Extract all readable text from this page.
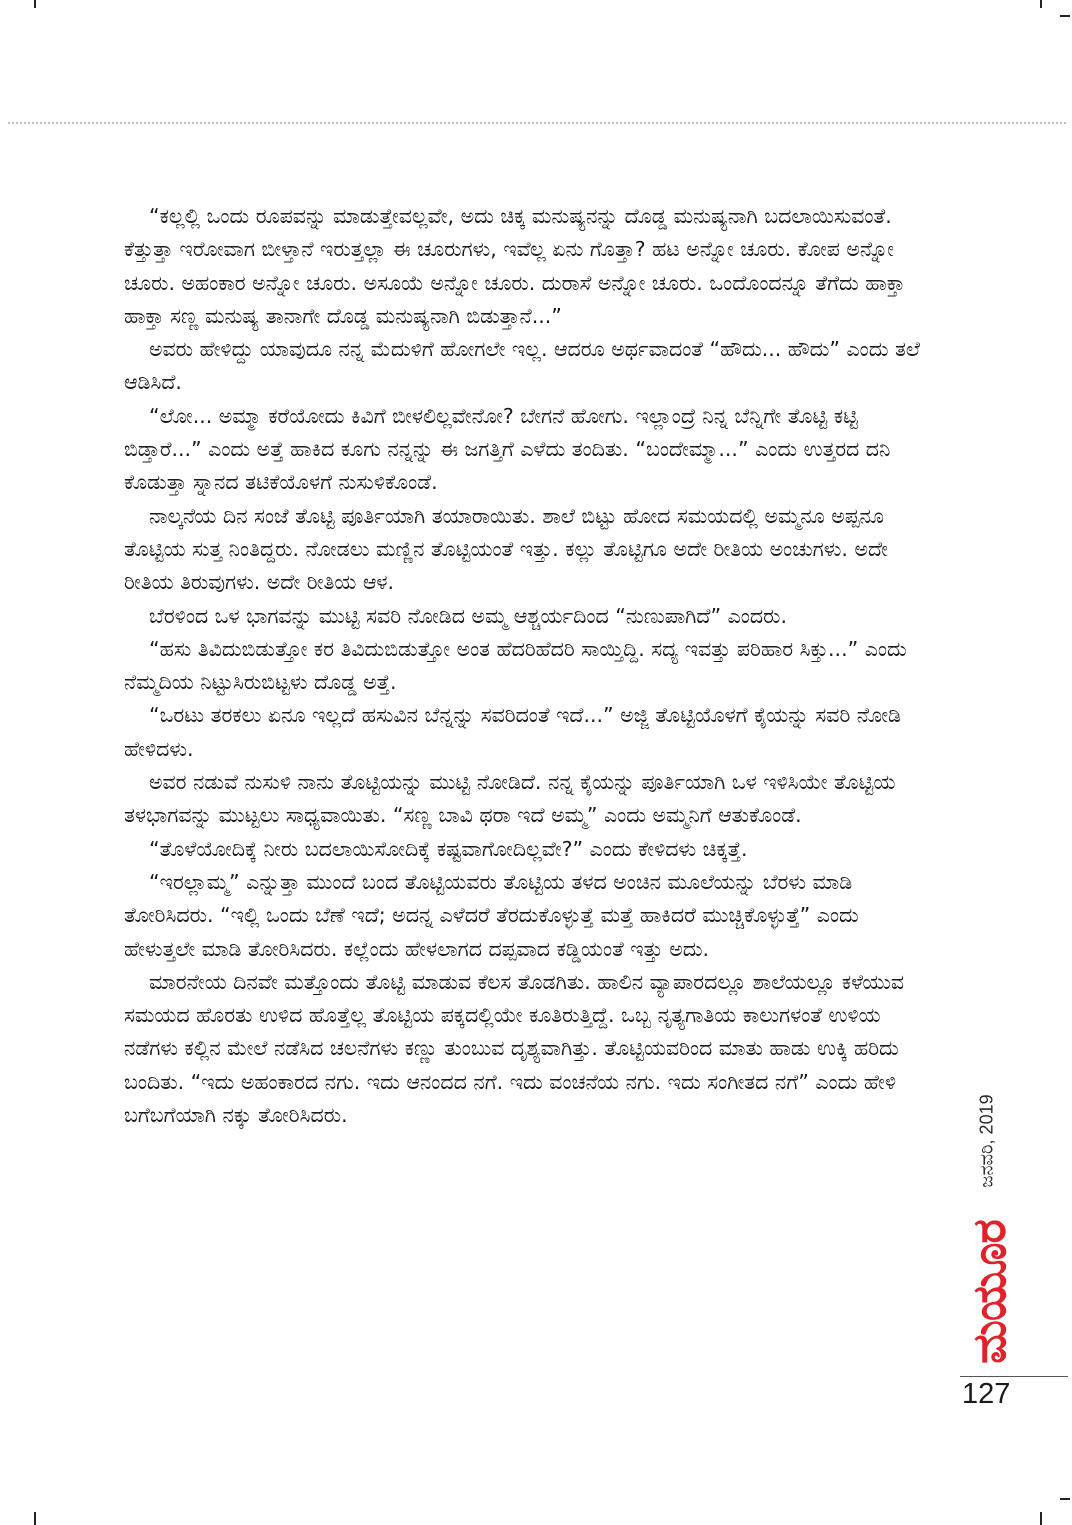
“ಕಲ್ಲಲ್ಲಿ ಒಂದು ರೂಪವನ್ನು ಮಾಡುತ್ತೇವಲ್ಲವೇ, ಅದು ಚಿಕ್ಕ ಮನುಷ್ಯನನ್ನು ದೊಡ್ಡ ಮನುಷ್ಯನಾಗಿ ಬದಲಾಯಿಸುವಂತೆ. ಕೆತ್ತುತ್ತಾ ಇರೋವಾಗ ಬೀಳ್ತಾನೆ ಇರುತ್ತಲ್ಲಾ ಈ ಚೂರುಗಳು, ಇವೆಲ್ಲ ಏನು ಗೊತ್ತಾ? ಹಟ ಅನ್ನೋ ಚೂರು. ಕೋಪ ಅನ್ನೋ ಚೂರು. ಅಹಂಕಾರ ಅನ್ನೋ ಚೂರು. ಅಸೂಯೆ ಅನ್ನೋ ಚೂರು. ದುರಾಸೆ ಅನ್ನೋ ಚೂರು. ಒಂದೊಂದನ್ನೂ ತೆಗೆದು ಹಾಕ್ತಾ ಹಾಕ್ತಾ ಸಣ್ಣ ಮನುಷ್ಯ ತಾನಾಗೇ ದೊಡ್ಡ ಮನುಷ್ಯನಾಗಿ ಬಿಡುತ್ತಾನೆ...”

ಅವರು ಹೇಳಿದ್ದು ಯಾವುದೂ ನನ್ನ ಮೆದುಳಿಗೆ ಹೋಗಲೇ ಇಲ್ಲ. ಆದರೂ ಅರ್ಥವಾದಂತೆ “ಹೌದು... ಹೌದು” ಎಂದು ತಲೆ ಆಡಿಸಿದೆ.

“ಲೋ... ಅಮ್ಮಾ ಕರೆಯೋದು ಕಿವಿಗೆ ಬೀಳಲಿಲ್ಲವೇನೋ? ಬೇಗನೆ ಹೋಗು. ಇಲ್ಲಾಂದ್ರೆ ನಿನ್ನ ಬೆನ್ನಿಗೇ ತೊಟ್ಟಿ ಕಟ್ಟಿ ಬಿಡ್ತಾರೆ...” ಎಂದು ಅತ್ತೆ ಹಾಕಿದ ಕೂಗು ನನ್ನನ್ನು ಈ ಜಗತ್ತಿಗೆ ಎಳೆದು ತಂದಿತು. “ಬಂದೇಮ್ಮಾ...” ಎಂದು ಉತ್ತರದ ದನಿ ಕೊಡುತ್ತಾ ಸ್ನಾನದ ತಟಿಕೆಯೊಳಗೆ ನುಸುಳಿಕೊಂಡೆ.

ನಾಲ್ಕನೆಯ ದಿನ ಸಂಜೆ ತೊಟ್ಟಿ ಪೂರ್ತಿಯಾಗಿ ತಯಾರಾಯಿತು. ಶಾಲೆ ಬಿಟ್ಟು ಹೋದ ಸಮಯದಲ್ಲಿ ಅಮ್ಮನೂ ಅಪ್ಪನೂ ತೊಟ್ಟಿಯ ಸುತ್ತ ನಿಂತಿದ್ದರು. ನೋಡಲು ಮಣ್ಣಿನ ತೊಟ್ಟಿಯಂತೆ ಇತ್ತು. ಕಲ್ಲು ತೊಟ್ಟಿಗೂ ಅದೇ ರೀತಿಯ ಅಂಚುಗಳು. ಅದೇ ರೀತಿಯ ತಿರುವುಗಳು. ಅದೇ ರೀತಿಯ ಆಳ.

ಬೆರಳಿಂದ ಒಳ ಭಾಗವನ್ನು ಮುಟ್ಟಿ ಸವರಿ ನೋಡಿದ ಅಮ್ಮ ಆಶ್ಚರ್ಯದಿಂದ “ನುಣುಪಾಗಿದೆ” ಎಂದರು.

“ಹಸು ತಿವಿದುಬಿಡುತ್ತೋ ಕರ ತಿವಿದುಬಿಡುತ್ತೋ ಅಂತ ಹೆದರಿಹೆದರಿ ಸಾಯ್ತಿದ್ದಿ. ಸದ್ಯ ಇವತ್ತು ಪರಿಹಾರ ಸಿಕ್ತು...” ಎಂದು ನೆಮ್ಮದಿಯ ನಿಟ್ಟುಸಿರುಬಿಟ್ಟಳು ದೊಡ್ಡ ಅತ್ತೆ.

“ಒರಟು ತರಕಲು ಏನೂ ಇಲ್ಲದೆ ಹಸುವಿನ ಬೆನ್ನನ್ನು ಸವರಿದಂತೆ ಇದೆ...” ಅಜ್ಜಿ ತೊಟ್ಟಿಯೊಳಗೆ ಕೈಯನ್ನು ಸವರಿ ನೋಡಿ ಹೇಳಿದಳು.

ಅವರ ನಡುವೆ ನುಸುಳಿ ನಾನು ತೊಟ್ಟಿಯನ್ನು ಮುಟ್ಟಿ ನೋಡಿದೆ. ನನ್ನ ಕೈಯನ್ನು ಪೂರ್ತಿಯಾಗಿ ಒಳ ಇಳಿಸಿಯೇ ತೊಟ್ಟಿಯ ತಳಭಾಗವನ್ನು ಮುಟ್ಟಲು ಸಾಧ್ಯವಾಯಿತು. “ಸಣ್ಣ ಬಾವಿ ಥರಾ ಇದೆ ಅಮ್ಮ” ಎಂದು ಅಮ್ಮನಿಗೆ ಆತುಕೊಂಡೆ.

“ತೊಳೆಯೋದಿಕ್ಕೆ ನೀರು ಬದಲಾಯಿಸೋದಿಕ್ಕೆ ಕಷ್ಟವಾಗೋದಿಲ್ಲವೇ?” ಎಂದು ಕೇಳಿದಳು ಚಿಕ್ಕತ್ತೆ.

“ಇರಲ್ಲಾಮ್ಮ” ಎನ್ನುತ್ತಾ ಮುಂದೆ ಬಂದ ತೊಟ್ಟಿಯವರು ತೊಟ್ಟಿಯ ತಳದ ಅಂಚಿನ ಮೂಲೆಯನ್ನು ಬೆರಳು ಮಾಡಿ ತೋರಿಸಿದರು. “ಇಲ್ಲಿ ಒಂದು ಬೆಣೆ ಇದೆ; ಅದನ್ನ ಎಳೆದರೆ ತೆರದುಕೊಳ್ಳುತ್ತೆ ಮತ್ತೆ ಹಾಕಿದರೆ ಮುಚ್ಚಿಕೊಳ್ಳುತ್ತೆ” ಎಂದು ಹೇಳುತ್ತಲೇ ಮಾಡಿ ತೋರಿಸಿದರು. ಕಲ್ಲೆಂದು ಹೇಳಲಾಗದ ದಪ್ಪವಾದ ಕಡ್ಡಿಯಂತೆ ಇತ್ತು ಅದು.

ಮಾರನೇಯ ದಿನವೇ ಮತ್ತೊಂದು ತೊಟ್ಟಿ ಮಾಡುವ ಕೆಲಸ ತೊಡಗಿತು. ಹಾಲಿನ ವ್ಯಾಪಾರದಲ್ಲೂ ಶಾಲೆಯಲ್ಲೂ ಕಳೆಯುವ ಸಮಯದ ಹೊರತು ಉಳಿದ ಹೊತ್ತೆಲ್ಲ ತೊಟ್ಟಿಯ ಪಕ್ಕದಲ್ಲಿಯೇ ಕೂತಿರುತ್ತಿದ್ದೆ. ಒಬ್ಬ ನೃತ್ಯಗಾತಿಯ ಕಾಲುಗಳಂತೆ ಉಳಿಯ ನಡೆಗಳು ಕಲ್ಲಿನ ಮೇಲೆ ನಡೆಸಿದ ಚಲನೆಗಳು ಕಣ್ಣು ತುಂಬುವ ದೃಶ್ಯವಾಗಿತ್ತು. ತೊಟ್ಟಿಯವರಿಂದ ಮಾತು ಹಾಡು ಉಕ್ಕಿ ಹರಿದು ಬಂದಿತು. “ಇದು ಅಹಂಕಾರದ ನಗು. ಇದು ಆನಂದದ ನಗೆ. ಇದು ವಂಚನೆಯ ನಗು. ಇದು ಸಂಗೀತದ ನಗೆ” ಎಂದು ಹೇಳಿ ಬಗೆಬಗೆಯಾಗಿ ನಕ್ಕು ತೋರಿಸಿದರು.	ಜನವರಿ, 2019
ಮಯೂರ
127
